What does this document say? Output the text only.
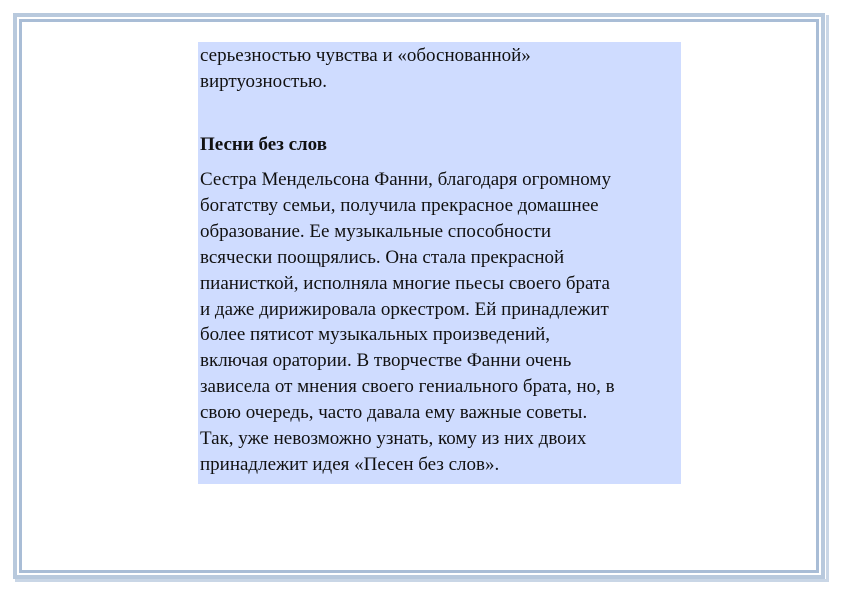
серьезностью чувства и «обоснованной»
виртуозностью.

Песни без слов

Сестра Мендельсона Фанни, благодаря огромному
богатству семьи, получила прекрасное домашнее
образование. Ее музыкальные способности
всячески поощрялись. Она стала прекрасной
пианисткой, исполняла многие пьесы своего брата
и даже дирижировала оркестром. Ей принадлежит
более пятисот музыкальных произведений,
включая оратории. В творчестве Фанни очень
зависела от мнения своего гениального брата, но, в
свою очередь, часто давала ему важные советы.
Так, уже невозможно узнать, кому из них двоих
принадлежит идея «Песен без слов».
